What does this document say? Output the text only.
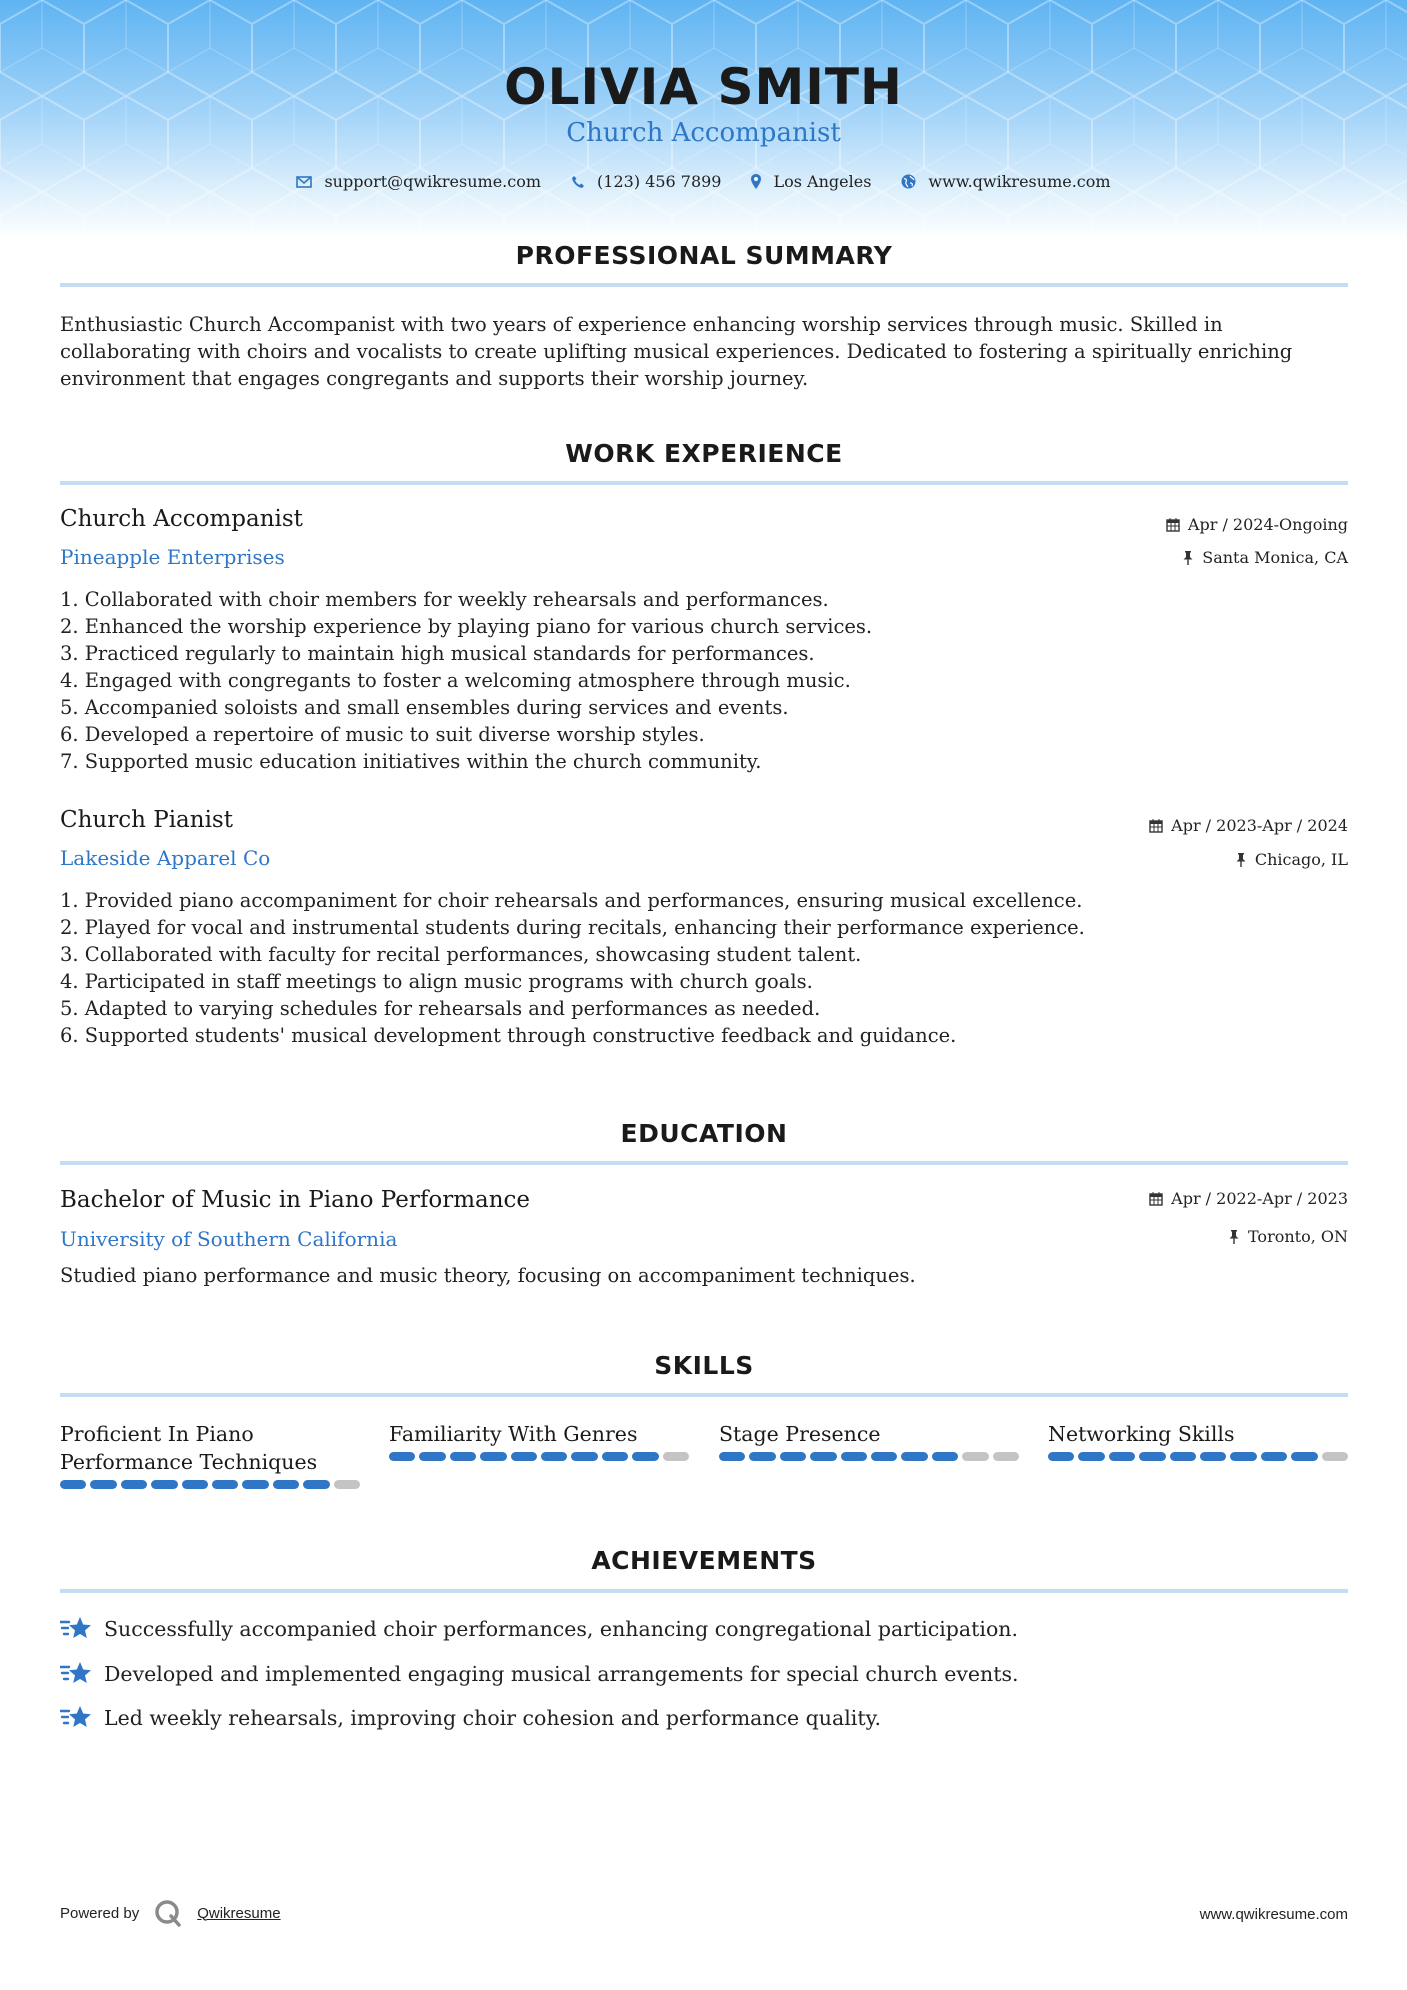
OLIVIA SMITH
Church Accompanist
support@qwikresume.com	(123) 456 7899	Los Angeles	www.qwikresume.com
PROFESSIONAL SUMMARY
Enthusiastic Church Accompanist with two years of experience enhancing worship services through music. Skilled in collaborating with choirs and vocalists to create uplifting musical experiences. Dedicated to fostering a spiritually enriching environment that engages congregants and supports their worship journey.
WORK EXPERIENCE
Church Accompanist
Pineapple Enterprises
Apr / 2024-Ongoing
Santa Monica, CA
1. Collaborated with choir members for weekly rehearsals and performances.
2. Enhanced the worship experience by playing piano for various church services.
3. Practiced regularly to maintain high musical standards for performances.
4. Engaged with congregants to foster a welcoming atmosphere through music.
5. Accompanied soloists and small ensembles during services and events.
6. Developed a repertoire of music to suit diverse worship styles.
7. Supported music education initiatives within the church community.
Church Pianist
Lakeside Apparel Co
Apr / 2023-Apr / 2024
Chicago, IL
1. Provided piano accompaniment for choir rehearsals and performances, ensuring musical excellence.
2. Played for vocal and instrumental students during recitals, enhancing their performance experience.
3. Collaborated with faculty for recital performances, showcasing student talent.
4. Participated in staff meetings to align music programs with church goals.
5. Adapted to varying schedules for rehearsals and performances as needed.
6. Supported students' musical development through constructive feedback and guidance.
EDUCATION
Bachelor of Music in Piano Performance
University of Southern California
Apr / 2022-Apr / 2023
Toronto, ON
Studied piano performance and music theory, focusing on accompaniment techniques.
SKILLS
Proficient In Piano Performance Techniques
Familiarity With Genres	Stage Presence	Networking Skills
ACHIEVEMENTS
Successfully accompanied choir performances, enhancing congregational participation.
Developed and implemented engaging musical arrangements for special church events.
Led weekly rehearsals, improving choir cohesion and performance quality.
Powered by	Qwikresume	www.qwikresume.com
